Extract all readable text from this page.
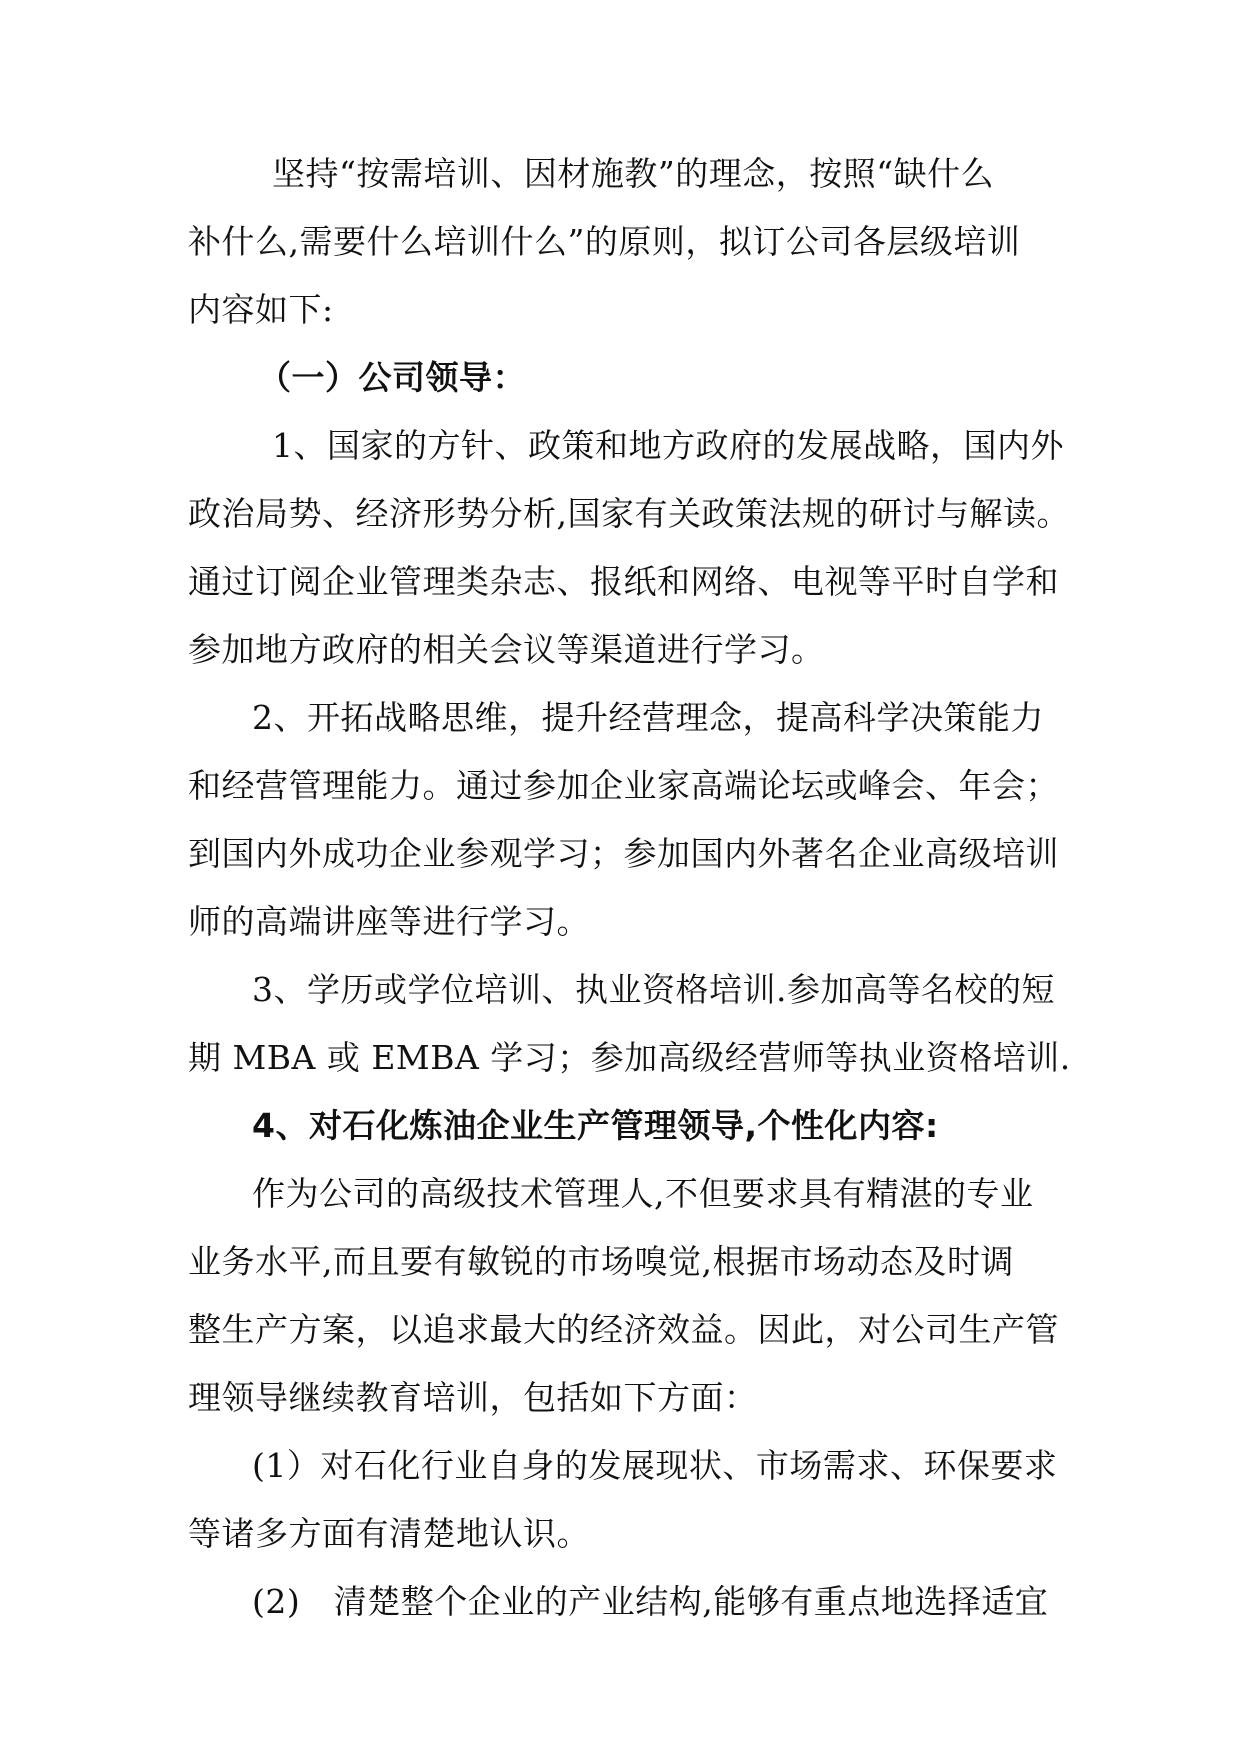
坚持“按需培训、因材施教”的理念，按照“缺什么
补什么,需要什么培训什么”的原则，拟订公司各层级培训
内容如下:
（一）公司领导：
1、国家的方针、政策和地方政府的发展战略，国内外
政治局势、经济形势分析,国家有关政策法规的研讨与解读。
通过订阅企业管理类杂志、报纸和网络、电视等平时自学和
参加地方政府的相关会议等渠道进行学习。
2、开拓战略思维，提升经营理念，提高科学决策能力
和经营管理能力。通过参加企业家高端论坛或峰会、年会；
到国内外成功企业参观学习；参加国内外著名企业高级培训
师的高端讲座等进行学习。
3、学历或学位培训、执业资格培训.参加高等名校的短
期 MBA 或 EMBA 学习；参加高级经营师等执业资格培训.
4、对石化炼油企业生产管理领导,个性化内容:
作为公司的高级技术管理人,不但要求具有精湛的专业
业务水平,而且要有敏锐的市场嗅觉,根据市场动态及时调
整生产方案，以追求最大的经济效益。因此，对公司生产管
理领导继续教育培训，包括如下方面：
(1）对石化行业自身的发展现状、市场需求、环保要求
等诸多方面有清楚地认识。
(2)　清楚整个企业的产业结构,能够有重点地选择适宜
